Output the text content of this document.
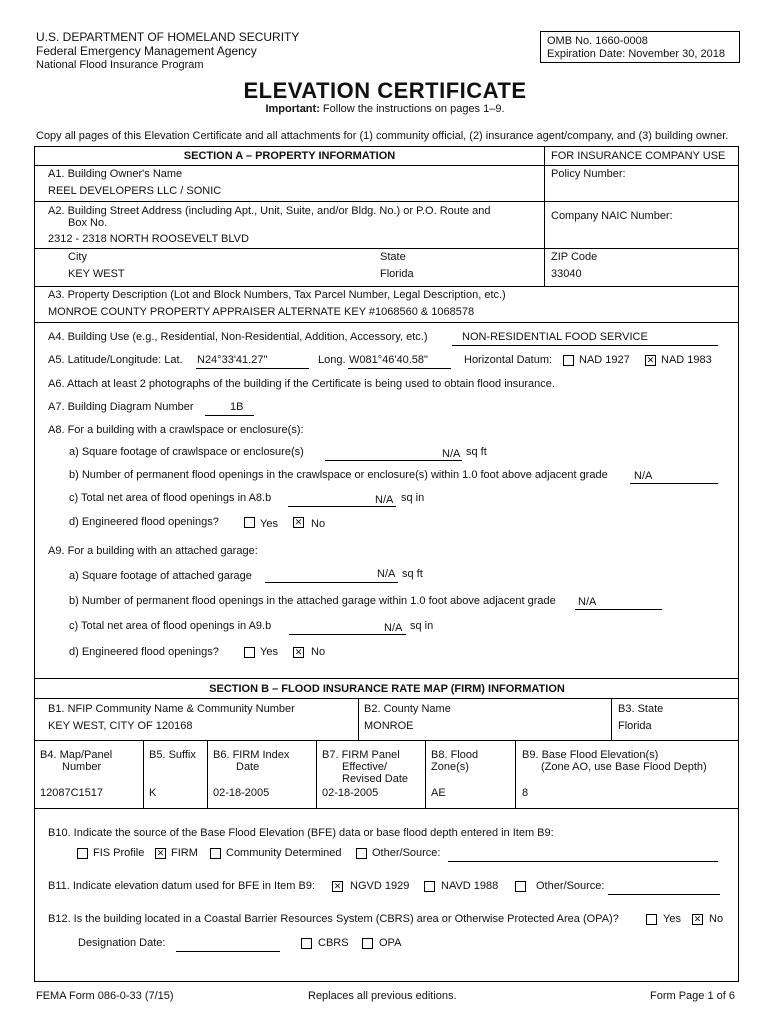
U.S. DEPARTMENT OF HOMELAND SECURITY
Federal Emergency Management Agency
National Flood Insurance Program
OMB No. 1660-0008
Expiration Date: November 30, 2018
ELEVATION CERTIFICATE
Important: Follow the instructions on pages 1–9.
Copy all pages of this Elevation Certificate and all attachments for (1) community official, (2) insurance agent/company, and (3) building owner.
SECTION A – PROPERTY INFORMATION	FOR INSURANCE COMPANY USE
A1. Building Owner's Name
REEL DEVELOPERS LLC / SONIC
Policy Number:
A2. Building Street Address (including Apt., Unit, Suite, and/or Bldg. No.) or P.O. Route and
Box No.
2312 - 2318 NORTH ROOSEVELT BLVD
Company NAIC Number:
City
KEY WEST
State
Florida
ZIP Code
33040
A3. Property Description (Lot and Block Numbers, Tax Parcel Number, Legal Description, etc.)
MONROE COUNTY PROPERTY APPRAISER ALTERNATE KEY #1068560 & 1068578
A4. Building Use (e.g., Residential, Non-Residential, Addition, Accessory, etc.)	NON-RESIDENTIAL FOOD SERVICE
A5. Latitude/Longitude: Lat. N24°33'41.27"	Long. W081°46'40.58"	Horizontal Datum: NAD 1927 ✕	NAD 1983
A6. Attach at least 2 photographs of the building if the Certificate is being used to obtain flood insurance.
A7. Building Diagram Number	1B
A8. For a building with a crawlspace or enclosure(s):
a) Square footage of crawlspace or enclosure(s)	N/A sq ft
b) Number of permanent flood openings in the crawlspace or enclosure(s) within 1.0 foot above adjacent grade N/A
c) Total net area of flood openings in A8.b	N/A sq in
d) Engineered flood openings?	Yes ✕	No
A9. For a building with an attached garage:
a) Square footage of attached garage	N/A sq ft
b) Number of permanent flood openings in the attached garage within 1.0 foot above adjacent grade N/A
c) Total net area of flood openings in A9.b	N/A sq in
d) Engineered flood openings?	Yes ✕	No
SECTION B – FLOOD INSURANCE RATE MAP (FIRM) INFORMATION
B1. NFIP Community Name & Community Number
KEY WEST, CITY OF 120168
B2. County Name
MONROE
B3. State
Florida
B4. Map/Panel
Number
12087C1517
B5. Suffix
K
B6. FIRM Index
Date
02-18-2005
B7. FIRM Panel
Effective/
Revised Date
02-18-2005
B8. Flood
Zone(s)
AE
B9. Base Flood Elevation(s)
(Zone AO, use Base Flood Depth)
8
B10. Indicate the source of the Base Flood Elevation (BFE) data or base flood depth entered in Item B9:
FIS Profile ✕ FIRM	Community Determined	Other/Source:
B11. Indicate elevation datum used for BFE in Item B9: ✕	NGVD 1929	NAVD 1988	Other/Source:
B12. Is the building located in a Coastal Barrier Resources System (CBRS) area or Otherwise Protected Area (OPA)?	Yes ✕	No
Designation Date:	CBRS	OPA
FEMA Form 086-0-33 (7/15)	Replaces all previous editions.	Form Page 1 of 6
